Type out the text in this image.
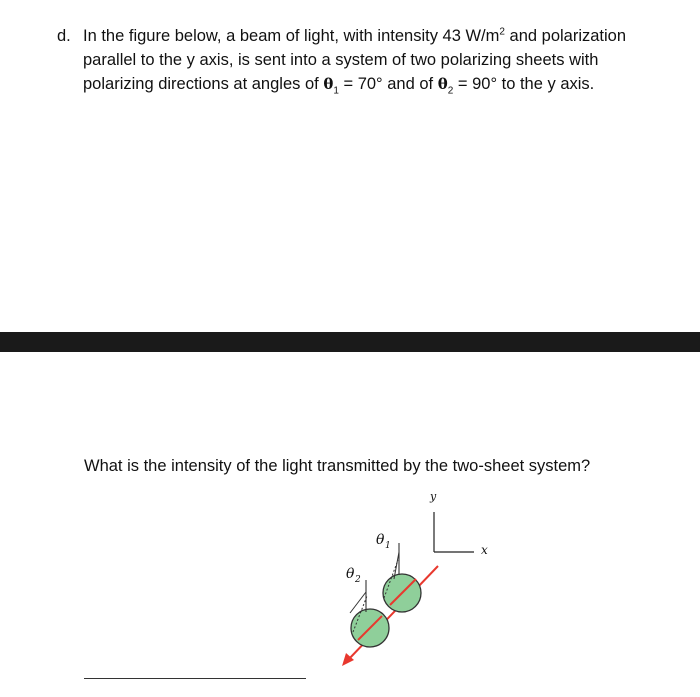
d. In the figure below, a beam of light, with intensity 43 $W/m^2$ and polarization
parallel to the y axis, is sent into a system of two polarizing sheets with
polarizing directions at angles of $\theta_1 = 70^\circ$ and of $\theta_2 = 90^\circ$ to the y axis.
What is the intensity of the light transmitted by the two-sheet system?
y
x
θ 1
θ 2
